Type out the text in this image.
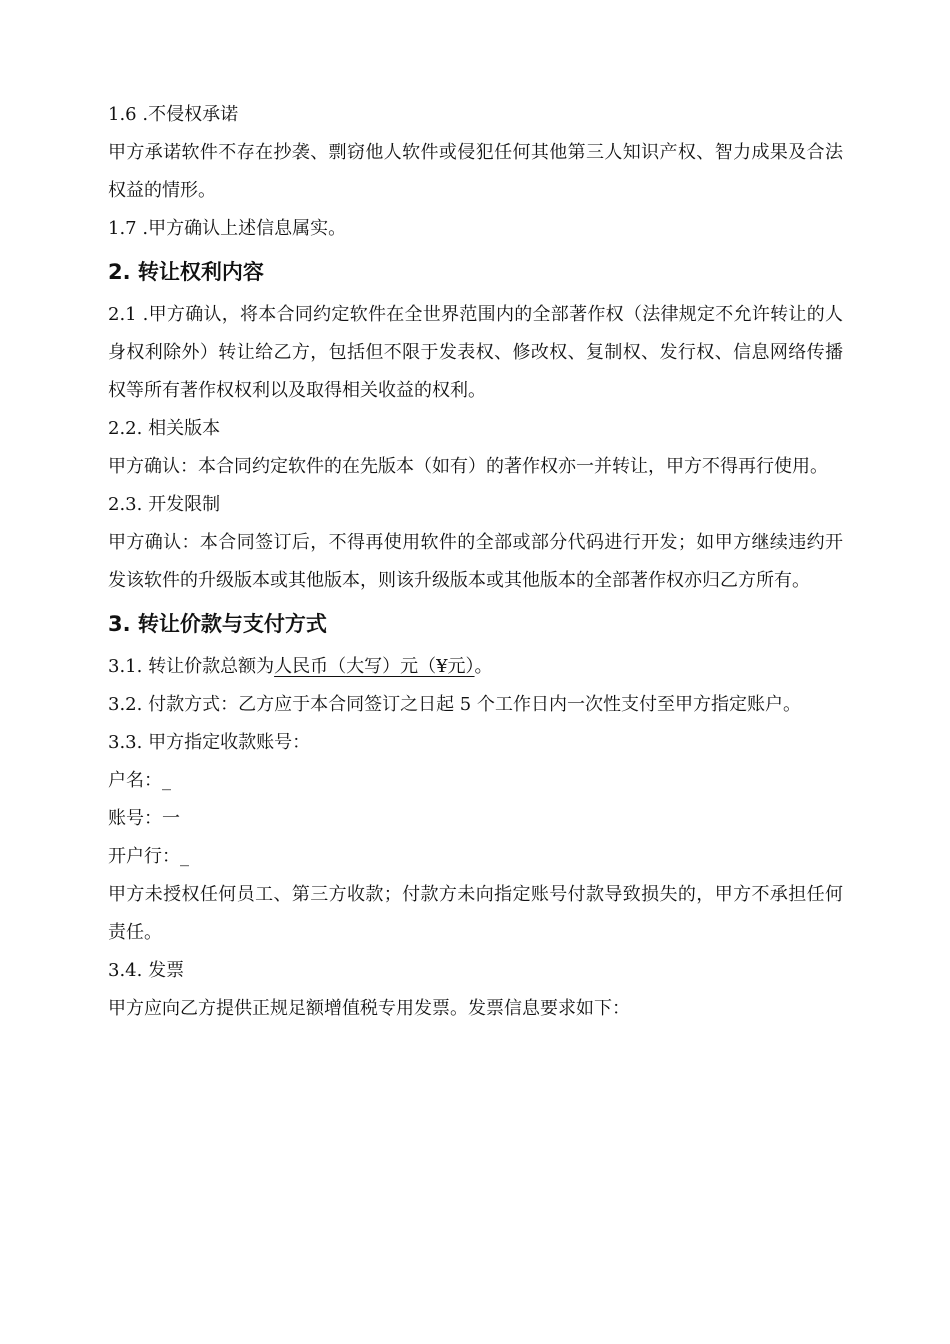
1.6 .不侵权承诺

甲方承诺软件不存在抄袭、剽窃他人软件或侵犯任何其他第三人知识产权、智力成果及合法权益的情形。

1.7 .甲方确认上述信息属实。

2. 转让权利内容

2.1 .甲方确认，将本合同约定软件在全世界范围内的全部著作权（法律规定不允许转让的人身权利除外）转让给乙方，包括但不限于发表权、修改权、复制权、发行权、信息网络传播权等所有著作权权利以及取得相关收益的权利。

2.2. 相关版本

甲方确认：本合同约定软件的在先版本（如有）的著作权亦一并转让，甲方不得再行使用。

2.3. 开发限制

甲方确认：本合同签订后，不得再使用软件的全部或部分代码进行开发；如甲方继续违约开发该软件的升级版本或其他版本，则该升级版本或其他版本的全部著作权亦归乙方所有。

3. 转让价款与支付方式

3.1. 转让价款总额为人民币（大写）元（¥元）。

3.2. 付款方式：乙方应于本合同签订之日起 5 个工作日内一次性支付至甲方指定账户。

3.3. 甲方指定收款账号：

户名：_

账号：一

开户行：_

甲方未授权任何员工、第三方收款；付款方未向指定账号付款导致损失的，甲方不承担任何责任。

3.4. 发票

甲方应向乙方提供正规足额增值税专用发票。发票信息要求如下：
